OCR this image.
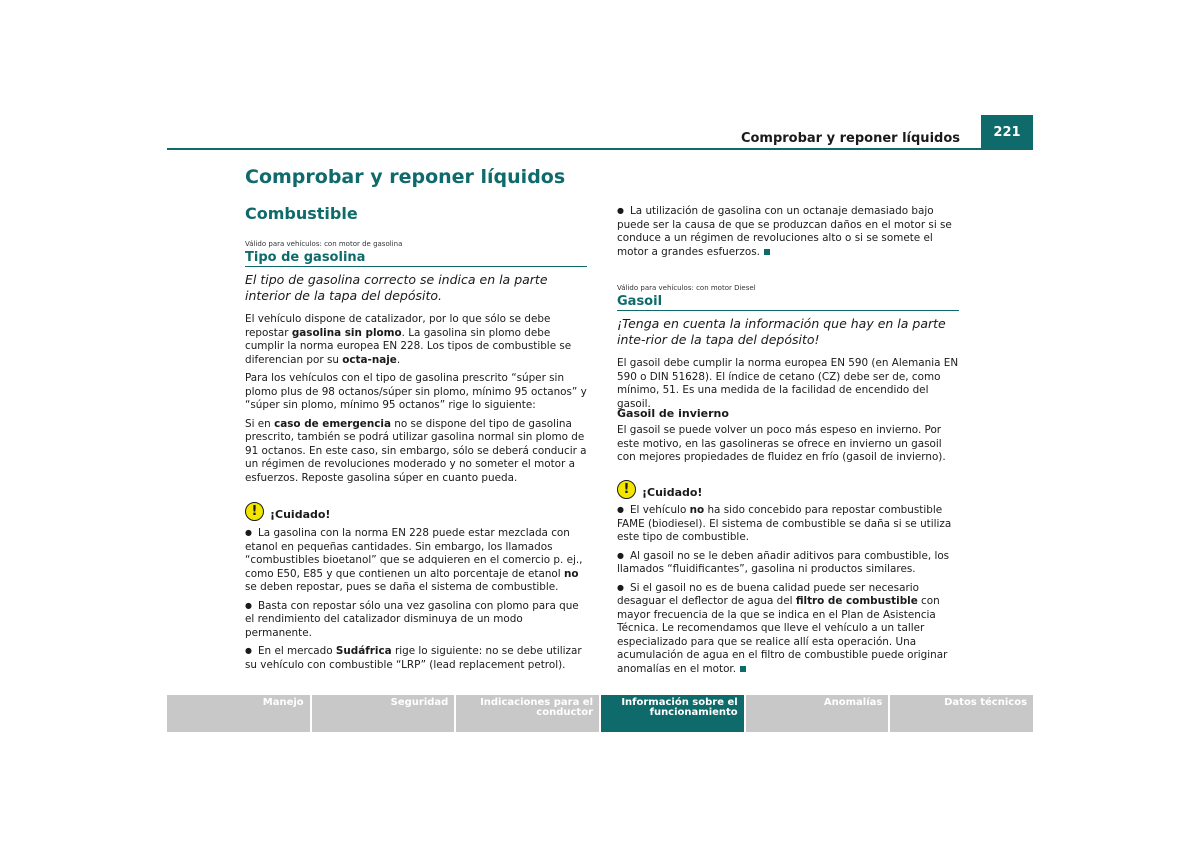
Comprobar y reponer líquidos	221
Comprobar y reponer líquidos
Combustible
Válido para vehículos: con motor de gasolina
Tipo de gasolina
El tipo de gasolina correcto se indica en la parte interior de la tapa del depósito.

El vehículo dispone de catalizador, por lo que sólo se debe repostar gasolina sin plomo. La gasolina sin plomo debe cumplir la norma europea EN 228. Los tipos de combustible se diferencian por su octa-naje.

Para los vehículos con el tipo de gasolina prescrito “súper sin plomo plus de 98 octanos/súper sin plomo, mínimo 95 octanos” y “súper sin plomo, mínimo 95 octanos” rige lo siguiente:

Si en caso de emergencia no se dispone del tipo de gasolina prescrito, también se podrá utilizar gasolina normal sin plomo de 91 octanos. En este caso, sin embargo, sólo se deberá conducir a un régimen de revoluciones moderado y no someter el motor a esfuerzos. Reposte gasolina súper en cuanto pueda.

!	¡Cuidado!

● La gasolina con la norma EN 228 puede estar mezclada con etanol en pequeñas cantidades. Sin embargo, los llamados “combustibles bioetanol” que se adquieren en el comercio p. ej., como E50, E85 y que contienen un alto porcentaje de etanol no se deben repostar, pues se daña el sistema de combustible.

● Basta con repostar sólo una vez gasolina con plomo para que el rendimiento del catalizador disminuya de un modo permanente.

● En el mercado Sudáfrica rige lo siguiente: no se debe utilizar su vehículo con combustible “LRP” (lead replacement petrol).

● La utilización de gasolina con un octanaje demasiado bajo puede ser la causa de que se produzcan daños en el motor si se conduce a un régimen de revoluciones alto o si se somete el motor a grandes esfuerzos.

Válido para vehículos: con motor Diesel
Gasoil
¡Tenga en cuenta la información que hay en la parte inte-rior de la tapa del depósito!

El gasoil debe cumplir la norma europea EN 590 (en Alemania EN 590 o DIN 51628). El índice de cetano (CZ) debe ser de, como mínimo, 51. Es una medida de la facilidad de encendido del gasoil.

Gasoil de invierno

El gasoil se puede volver un poco más espeso en invierno. Por este motivo, en las gasolineras se ofrece en invierno un gasoil con mejores propiedades de fluidez en frío (gasoil de invierno).

!	¡Cuidado!

● El vehículo no ha sido concebido para repostar combustible FAME (biodiesel). El sistema de combustible se daña si se utiliza este tipo de combustible.

● Al gasoil no se le deben añadir aditivos para combustible, los llamados “fluidificantes”, gasolina ni productos similares.

● Si el gasoil no es de buena calidad puede ser necesario desaguar el deflector de agua del filtro de combustible con mayor frecuencia de la que se indica en el Plan de Asistencia Técnica. Le recomendamos que lleve el vehículo a un taller especializado para que se realice allí esta operación. Una acumulación de agua en el filtro de combustible puede originar anomalías en el motor.

Manejo	Seguridad	Indicaciones para el conductor
Información sobre el funcionamiento
Anomalías	Datos técnicos
